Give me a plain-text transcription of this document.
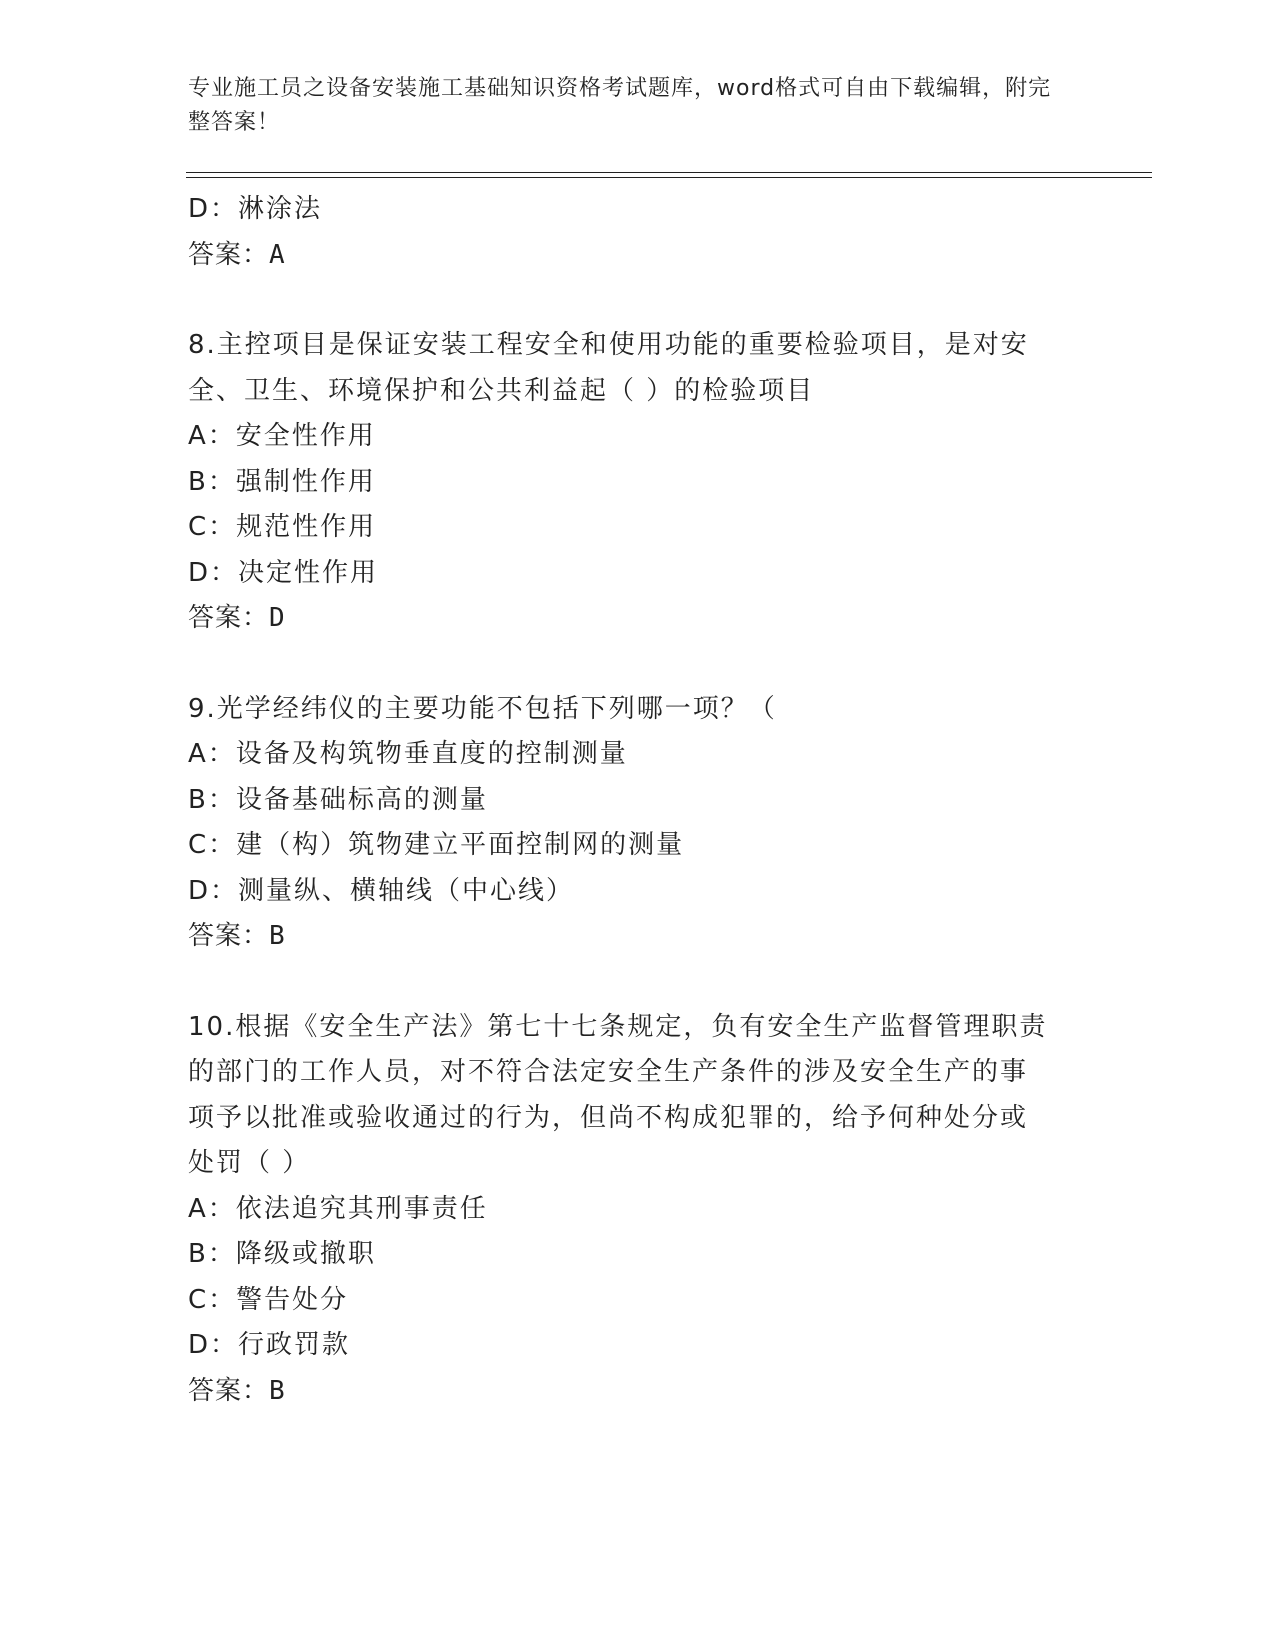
专业施工员之设备安装施工基础知识资格考试题库，word格式可自由下载编辑，附完整答案！
D：淋涂法
答案：A
8.主控项目是保证安装工程安全和使用功能的重要检验项目，是对安
全、卫生、环境保护和公共利益起（ ）的检验项目
A：安全性作用
B：强制性作用
C：规范性作用
D：决定性作用
答案：D
9.光学经纬仪的主要功能不包括下列哪一项？（
A：设备及构筑物垂直度的控制测量
B：设备基础标高的测量
C：建（构）筑物建立平面控制网的测量
D：测量纵、横轴线（中心线）
答案：B
10.根据《安全生产法》第七十七条规定，负有安全生产监督管理职责
的部门的工作人员，对不符合法定安全生产条件的涉及安全生产的事
项予以批准或验收通过的行为，但尚不构成犯罪的，给予何种处分或
处罚（ ）
A：依法追究其刑事责任
B：降级或撤职
C：警告处分
D：行政罚款
答案：B
